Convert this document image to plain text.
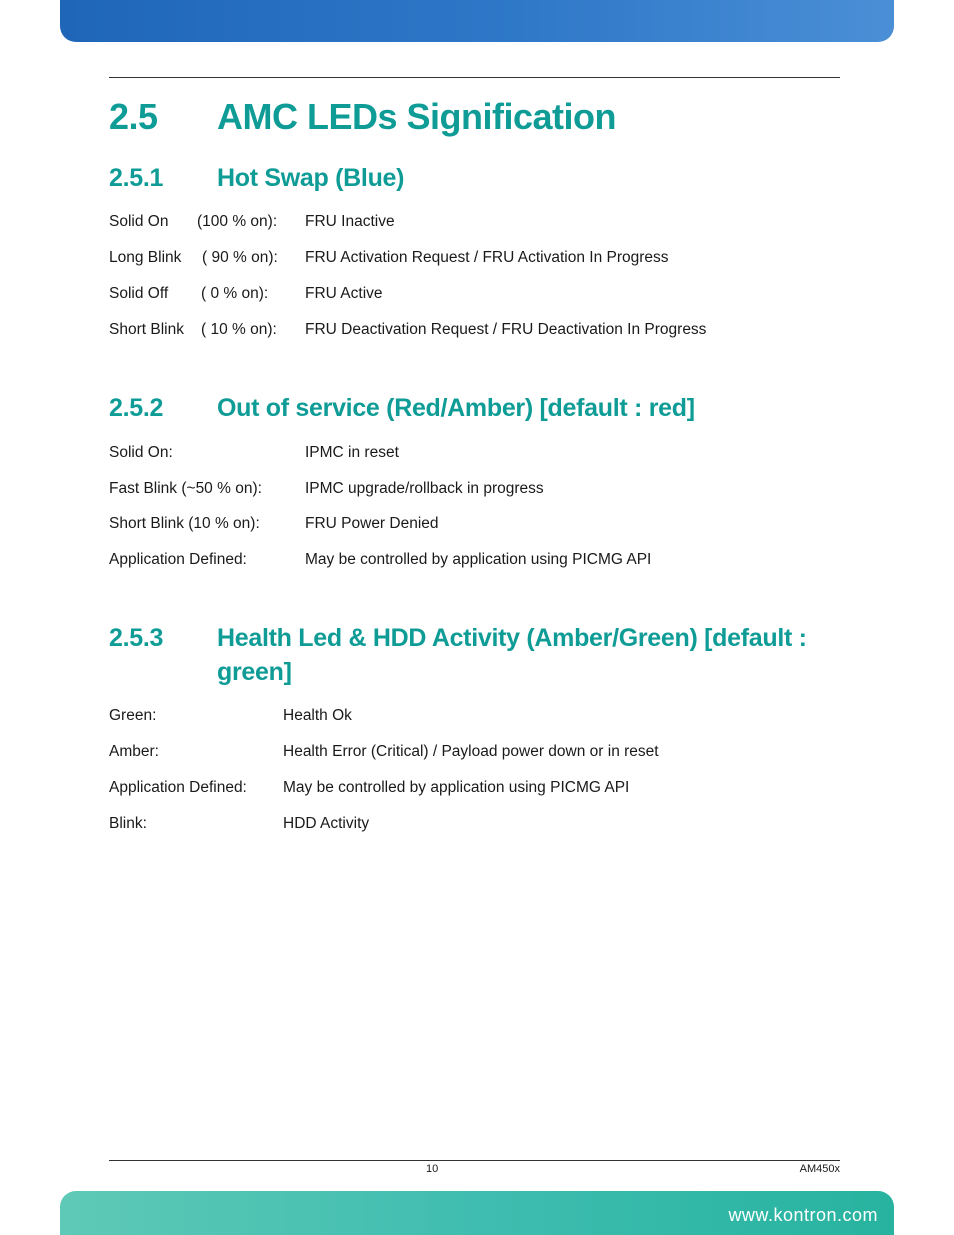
2.5 AMC LEDs Signification
2.5.1 Hot Swap (Blue)
Solid On (100 % on): FRU Inactive
Long Blink ( 90 % on): FRU Activation Request / FRU Activation In Progress
Solid Off ( 0 % on): FRU Active
Short Blink ( 10 % on): FRU Deactivation Request / FRU Deactivation In Progress
2.5.2 Out of service (Red/Amber) [default : red]
Solid On:	IPMC in reset
Fast Blink (~50 % on):	IPMC upgrade/rollback in progress
Short Blink (10 % on):	FRU Power Denied
Application Defined:	May be controlled by application using PICMG API
2.5.3 Health Led & HDD Activity (Amber/Green) [default : green]
Green:	Health Ok
Amber:	Health Error (Critical) / Payload power down or in reset
Application Defined: May be controlled by application using PICMG API
Blink:	HDD Activity
10	AM450x
www.kontron.com
